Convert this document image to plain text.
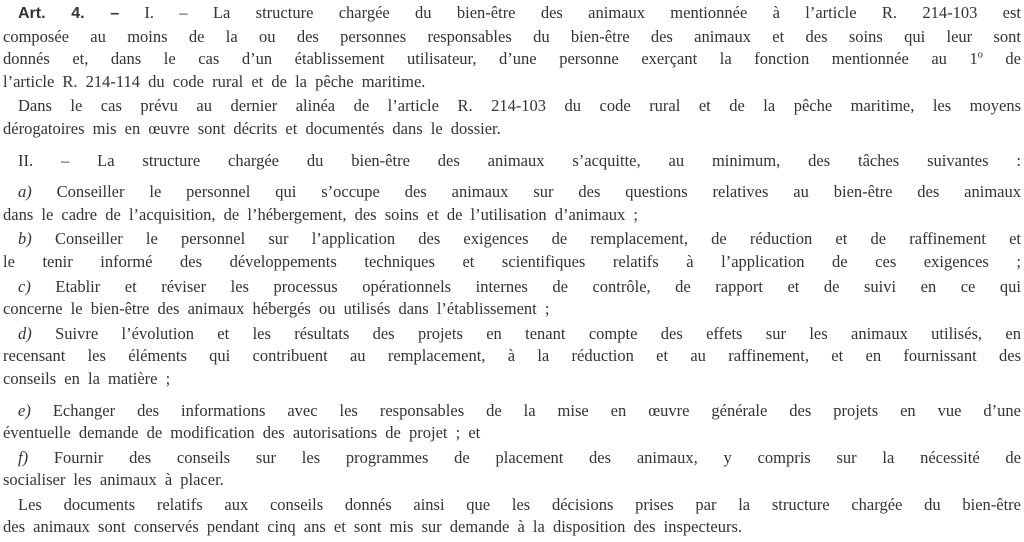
Art. 4. – I. – La structure chargée du bien-être des animaux mentionnée à l’article R. 214-103 est
composée au moins de la ou des personnes responsables du bien-être des animaux et des soins qui leur sont
donnés et, dans le cas d’un établissement utilisateur, d’une personne exerçant la fonction mentionnée au 1º de
l’article R. 214-114 du code rural et de la pêche maritime.
Dans le cas prévu au dernier alinéa de l’article R. 214-103 du code rural et de la pêche maritime, les moyens
dérogatoires mis en œuvre sont décrits et documentés dans le dossier.
II. – La structure chargée du bien-être des animaux s’acquitte, au minimum, des tâches suivantes :
a) Conseiller le personnel qui s’occupe des animaux sur des questions relatives au bien-être des animaux
dans le cadre de l’acquisition, de l’hébergement, des soins et de l’utilisation d’animaux ;
b) Conseiller le personnel sur l’application des exigences de remplacement, de réduction et de raffinement et
le tenir informé des développements techniques et scientifiques relatifs à l’application de ces exigences ;
c) Etablir et réviser les processus opérationnels internes de contrôle, de rapport et de suivi en ce qui
concerne le bien-être des animaux hébergés ou utilisés dans l’établissement ;
d) Suivre l’évolution et les résultats des projets en tenant compte des effets sur les animaux utilisés, en
recensant les éléments qui contribuent au remplacement, à la réduction et au raffinement, et en fournissant des
conseils en la matière ;
e) Echanger des informations avec les responsables de la mise en œuvre générale des projets en vue d’une
éventuelle demande de modification des autorisations de projet ; et
f) Fournir des conseils sur les programmes de placement des animaux, y compris sur la nécessité de
socialiser les animaux à placer.
Les documents relatifs aux conseils donnés ainsi que les décisions prises par la structure chargée du bien-être
des animaux sont conservés pendant cinq ans et sont mis sur demande à la disposition des inspecteurs.
